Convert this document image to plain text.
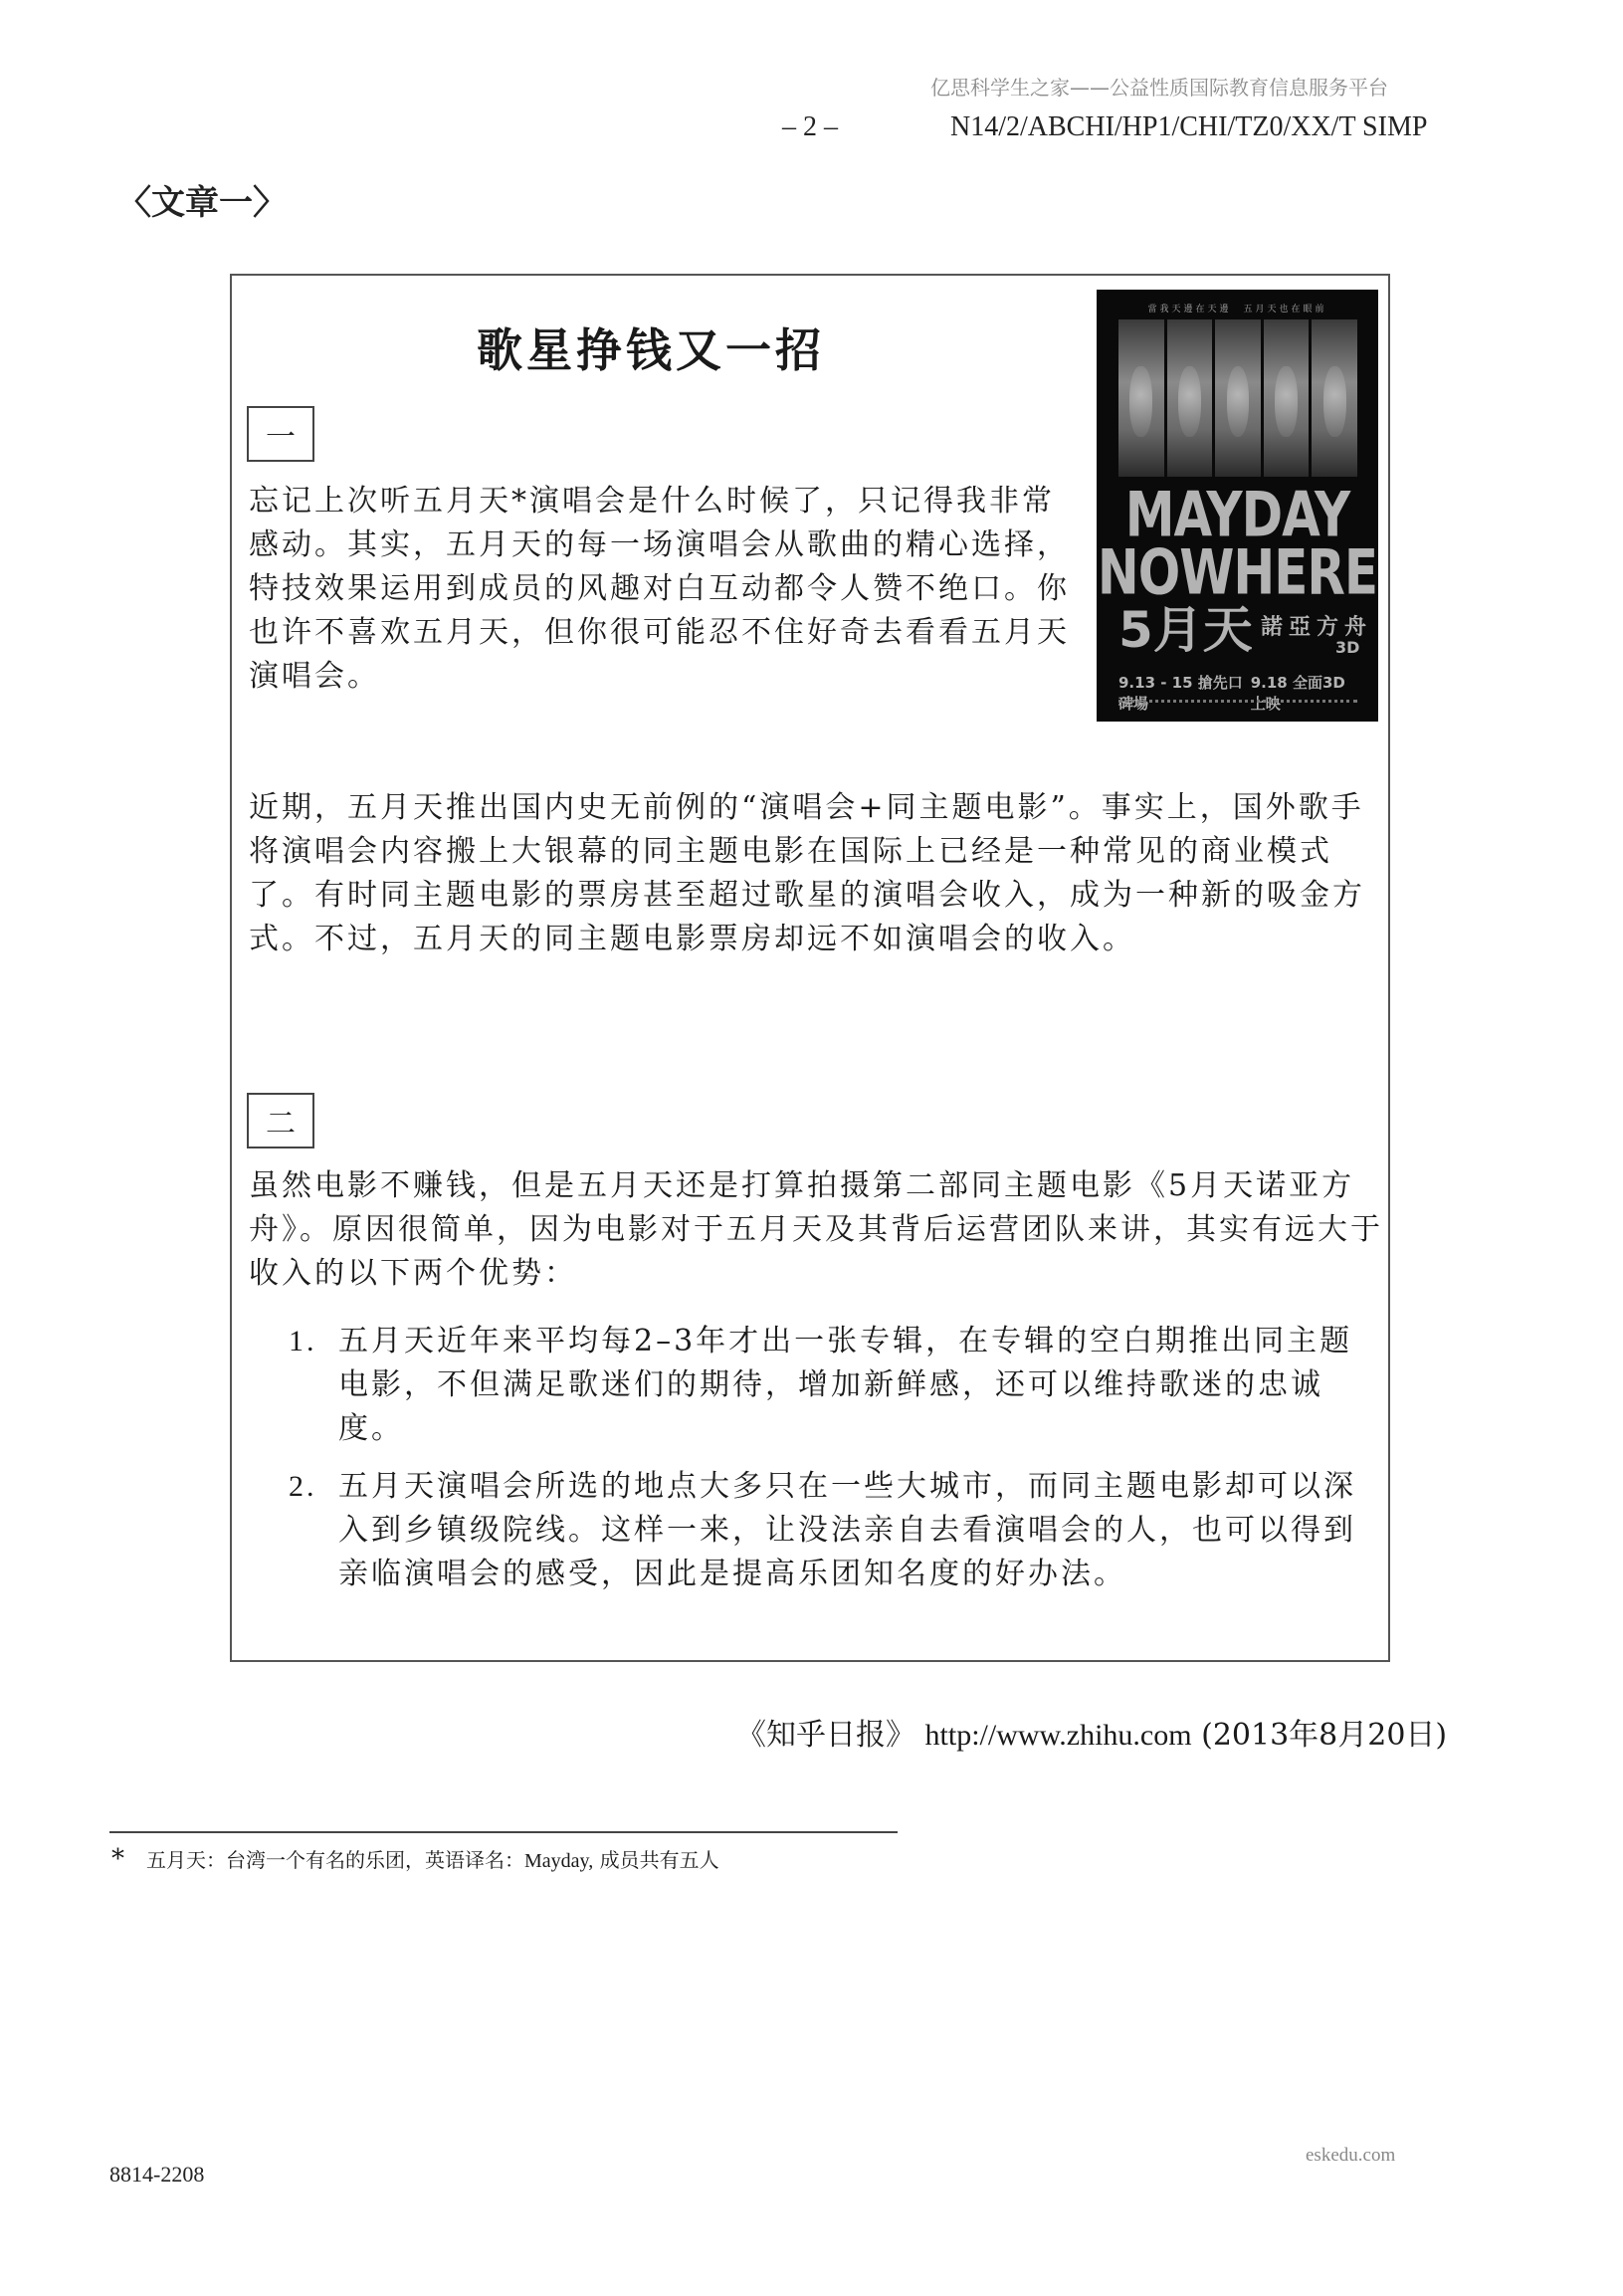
亿思科学生之家——公益性质国际教育信息服务平台
– 2 –	N14/2/ABCHI/HP1/CHI/TZ0/XX/T SIMP
〈文章一〉
歌星挣钱又一招
當我天邊在天邊　五月天也在眼前
MAYDAY
NOWHERE
5月天 諾亞方舟
3D
9.13 - 15 搶先口碑場
9.18 全面3D上映
一
忘记上次听五月天*演唱会是什么时候了，只记得我非常感动。其实，五月天的每一场演唱会从歌曲的精心选择，特技效果运用到成员的风趣对白互动都令人赞不绝口。你也许不喜欢五月天，但你很可能忍不住好奇去看看五月天演唱会。
近期，五月天推出国内史无前例的“演唱会+同主题电影”。事实上，国外歌手将演唱会内容搬上大银幕的同主题电影在国际上已经是一种常见的商业模式了。有时同主题电影的票房甚至超过歌星的演唱会收入，成为一种新的吸金方式。不过，五月天的同主题电影票房却远不如演唱会的收入。
二
虽然电影不赚钱，但是五月天还是打算拍摄第二部同主题电影《5月天诺亚方舟》。原因很简单，因为电影对于五月天及其背后运营团队来讲，其实有远大于收入的以下两个优势：
1. 五月天近年来平均每2–3年才出一张专辑，在专辑的空白期推出同主题电影，不但满足歌迷们的期待，增加新鲜感，还可以维持歌迷的忠诚度。
2. 五月天演唱会所选的地点大多只在一些大城市，而同主题电影却可以深入到乡镇级院线。这样一来，让没法亲自去看演唱会的人，也可以得到亲临演唱会的感受，因此是提高乐团知名度的好办法。
《知乎日报》 http://www.zhihu.com (2013年8月20日)
* 五月天：台湾一个有名的乐团，英语译名：Mayday, 成员共有五人
8814-2208
eskedu.com
